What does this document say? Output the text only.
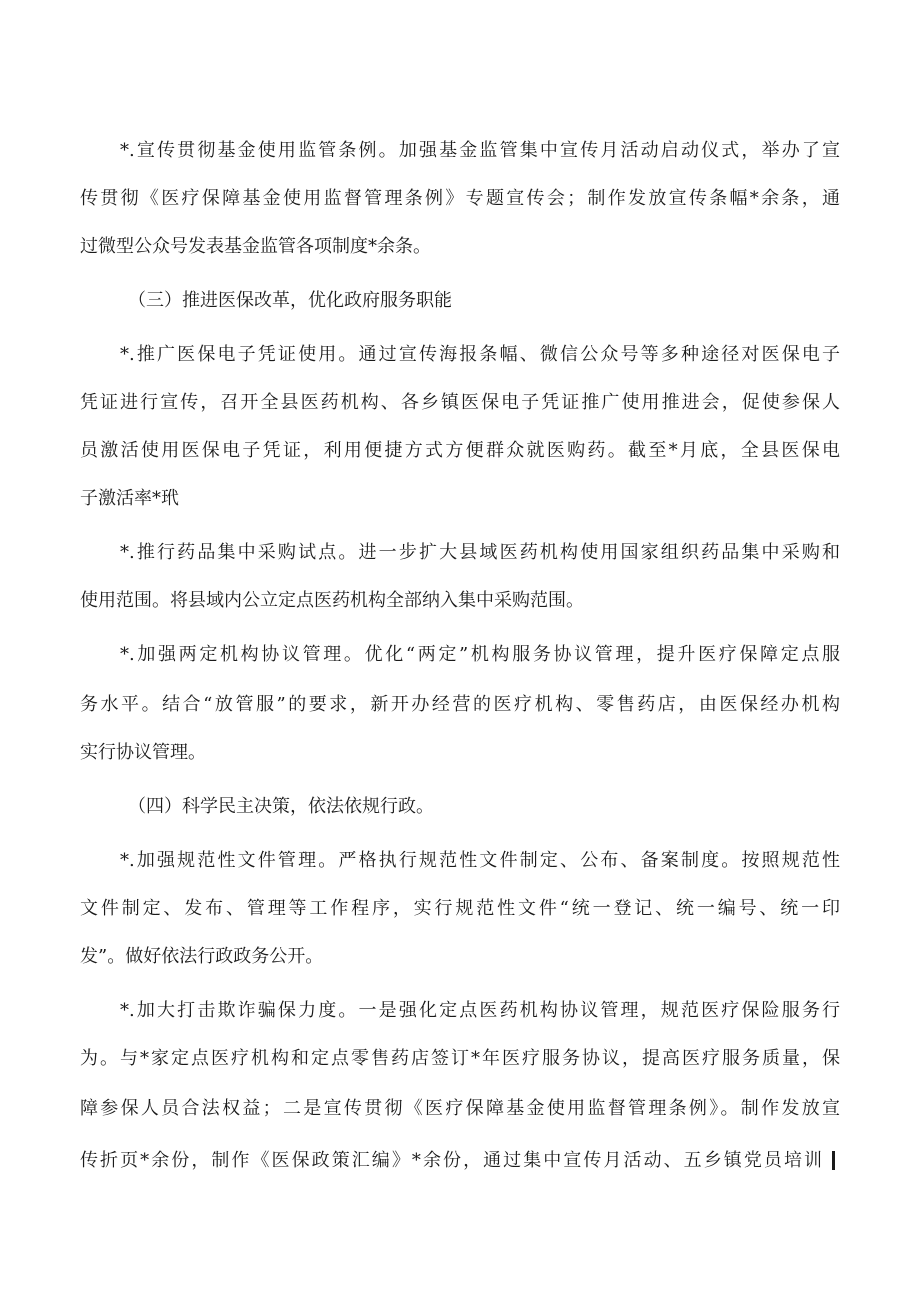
*.宣传贯彻基金使用监管条例。加强基金监管集中宣传月活动启动仪式，举办了宣
传贯彻《医疗保障基金使用监督管理条例》专题宣传会；制作发放宣传条幅*余条，通
过微型公众号发表基金监管各项制度*余条。
（三）推进医保改革，优化政府服务职能
*.推广医保电子凭证使用。通过宣传海报条幅、微信公众号等多种途径对医保电子
凭证进行宣传，召开全县医药机构、各乡镇医保电子凭证推广使用推进会，促使参保人
员激活使用医保电子凭证，利用便捷方式方便群众就医购药。截至*月底，全县医保电
子激活率*玳
*.推行药品集中采购试点。进一步扩大县域医药机构使用国家组织药品集中采购和
使用范围。将县域内公立定点医药机构全部纳入集中采购范围。
*.加强两定机构协议管理。优化“两定”机构服务协议管理，提升医疗保障定点服
务水平。结合“放管服”的要求，新开办经营的医疗机构、零售药店，由医保经办机构
实行协议管理。
（四）科学民主决策，依法依规行政。
*.加强规范性文件管理。严格执行规范性文件制定、公布、备案制度。按照规范性
文件制定、发布、管理等工作程序，实行规范性文件“统一登记、统一编号、统一印
发”。做好依法行政政务公开。
*.加大打击欺诈骗保力度。一是强化定点医药机构协议管理，规范医疗保险服务行
为。与*家定点医疗机构和定点零售药店签订*年医疗服务协议，提高医疗服务质量，保
障参保人员合法权益；二是宣传贯彻《医疗保障基金使用监督管理条例》。制作发放宣
传折页*余份，制作《医保政策汇编》*余份，通过集中宣传月活动、五乡镇党员培训
